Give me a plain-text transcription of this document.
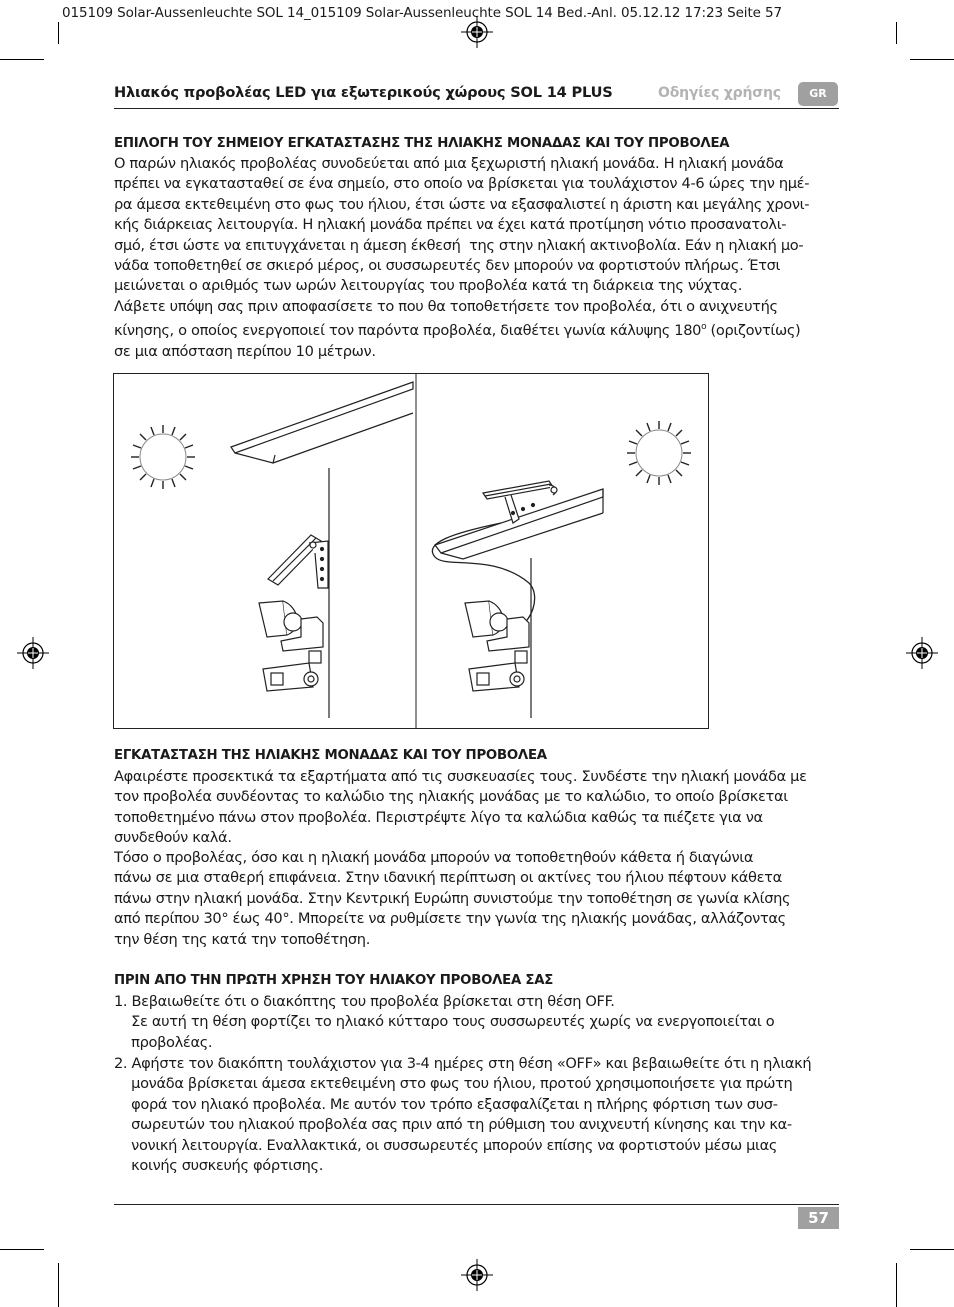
015109 Solar-Aussenleuchte SOL 14_015109 Solar-Aussenleuchte SOL 14 Bed.-Anl. 05.12.12 17:23 Seite 57
Ηλιακός προβολέας LED για εξωτερικούς χώρους SOL 14 PLUS	Οδηγίες χρήσης	GR
ΕΠΙΛΟΓΗ ΤΟΥ ΣΗΜΕΙΟΥ ΕΓΚΑΤΑΣΤΑΣΗΣ ΤΗΣ ΗΛΙΑΚΗΣ ΜΟΝΑΔΑΣ ΚΑΙ ΤΟΥ ΠΡΟΒΟΛΕΑ
Ο παρών ηλιακός προβολέας συνοδεύεται από μια ξεχωριστή ηλιακή μονάδα. Η ηλιακή μονάδα
πρέπει να εγκατασταθεί σε ένα σημείο, στο οποίο να βρίσκεται για τουλάχιστον 4-6 ώρες την ημέ-
ρα άμεσα εκτεθειμένη στο φως του ήλιου, έτσι ώστε να εξασφαλιστεί η άριστη και μεγάλης χρονι-
κής διάρκειας λειτουργία. Η ηλιακή μονάδα πρέπει να έχει κατά προτίμηση νότιο προσανατολι-
σμό, έτσι ώστε να επιτυγχάνεται η άμεση έκθεσή  της στην ηλιακή ακτινοβολία. Εάν η ηλιακή μο-
νάδα τοποθετηθεί σε σκιερό μέρος, οι συσσωρευτές δεν μπορούν να φορτιστούν πλήρως. Έτσι
μειώνεται ο αριθμός των ωρών λειτουργίας του προβολέα κατά τη διάρκεια της νύχτας.
Λάβετε υπόψη σας πριν αποφασίσετε το που θα τοποθετήσετε τον προβολέα, ότι ο ανιχνευτής
κίνησης, ο οποίος ενεργοποιεί τον παρόντα προβολέα, διαθέτει γωνία κάλυψης 180$^o$ (οριζοντίως)
σε μια απόσταση περίπου 10 μέτρων.
ΕΓΚΑΤΑΣΤΑΣΗ ΤΗΣ ΗΛΙΑΚΗΣ ΜΟΝΑΔΑΣ ΚΑΙ ΤΟΥ ΠΡΟΒΟΛΕΑ
Αφαιρέστε προσεκτικά τα εξαρτήματα από τις συσκευασίες τους. Συνδέστε την ηλιακή μονάδα με
τον προβολέα συνδέοντας το καλώδιο της ηλιακής μονάδας με το καλώδιο, το οποίο βρίσκεται
τοποθετημένο πάνω στον προβολέα. Περιστρέψτε λίγο τα καλώδια καθώς τα πιέζετε για να
συνδεθούν καλά.
Τόσο ο προβολέας, όσο και η ηλιακή μονάδα μπορούν να τοποθετηθούν κάθετα ή διαγώνια
πάνω σε μια σταθερή επιφάνεια. Στην ιδανική περίπτωση οι ακτίνες του ήλιου πέφτουν κάθετα
πάνω στην ηλιακή μονάδα. Στην Κεντρική Ευρώπη συνιστούμε την τοποθέτηση σε γωνία κλίσης
από περίπου 30° έως 40°. Μπορείτε να ρυθμίσετε την γωνία της ηλιακής μονάδας, αλλάζοντας
την θέση της κατά την τοποθέτηση.
ΠΡΙΝ ΑΠΟ ΤΗΝ ΠΡΩΤΗ ΧΡΗΣΗ ΤΟΥ ΗΛΙΑΚΟΥ ΠΡΟΒΟΛΕΑ ΣΑΣ
1. Βεβαιωθείτε ότι ο διακόπτης του προβολέα βρίσκεται στη θέση OFF.
Σε αυτή τη θέση φορτίζει το ηλιακό κύτταρο τους συσσωρευτές χωρίς να ενεργοποιείται ο
προβολέας.
2. Αφήστε τον διακόπτη τουλάχιστον για 3-4 ημέρες στη θέση «OFF» και βεβαιωθείτε ότι η ηλιακή
μονάδα βρίσκεται άμεσα εκτεθειμένη στο φως του ήλιου, προτού χρησιμοποιήσετε για πρώτη
φορά τον ηλιακό προβολέα. Με αυτόν τον τρόπο εξασφαλίζεται η πλήρης φόρτιση των συσ-
σωρευτών του ηλιακού προβολέα σας πριν από τη ρύθμιση του ανιχνευτή κίνησης και την κα-
νονική λειτουργία. Εναλλακτικά, οι συσσωρευτές μπορούν επίσης να φορτιστούν μέσω μιας
κοινής συσκευής φόρτισης.
57
